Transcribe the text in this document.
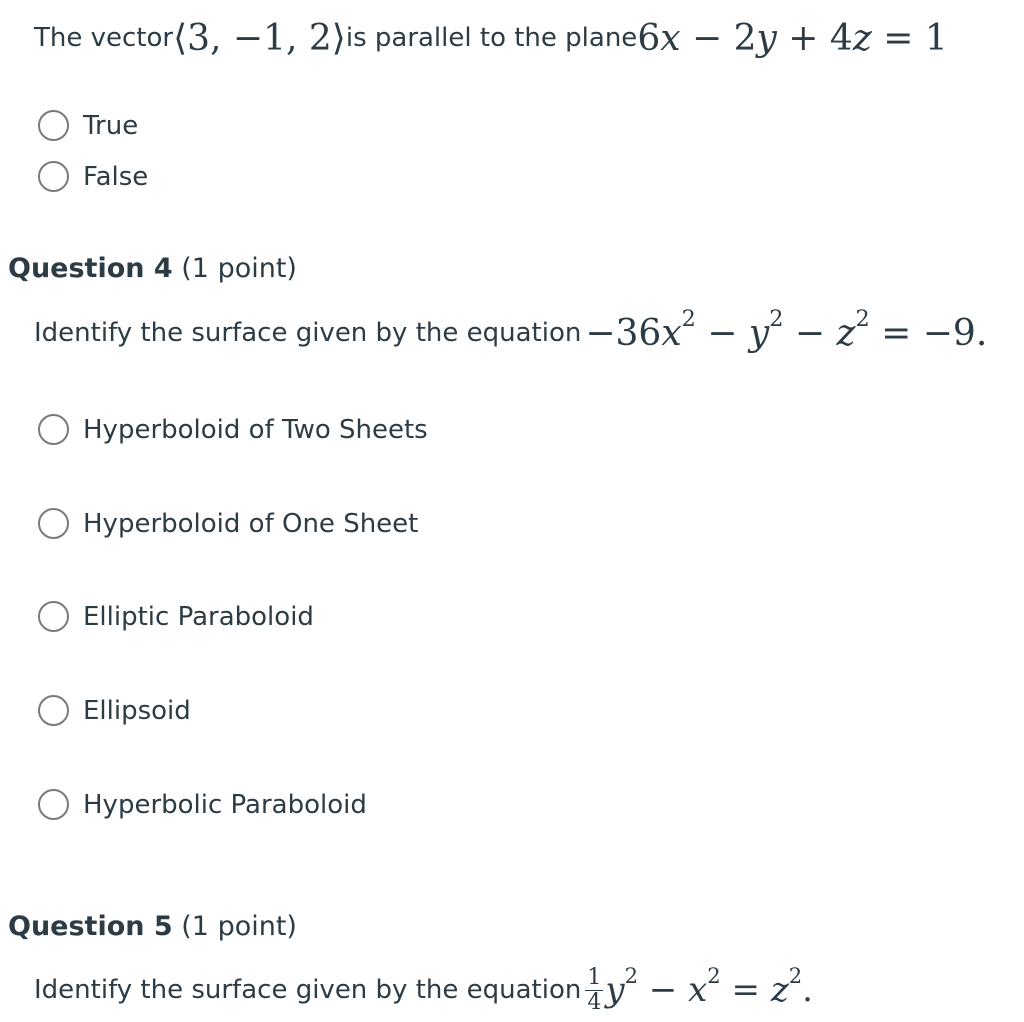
The vector ⟨3, −1, 2⟩ is parallel to the plane 6x − 2y + 4z = 1
True
False
Question 4 (1 point)
Identify the surface given by the equation $-36x^2 - y^2 - z^2 = -9$.
Hyperboloid of Two Sheets
Hyperboloid of One Sheet
Elliptic Paraboloid
Ellipsoid
Hyperbolic Paraboloid
Question 5 (1 point)
Identify the surface given by the equation $\frac{1}{4} y^2 - x^2 = z^2$.
